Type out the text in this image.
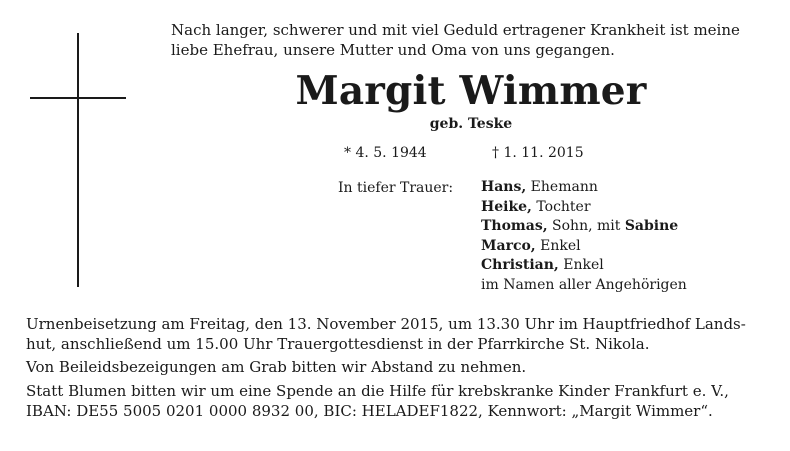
Nach langer, schwerer und mit viel Geduld ertragener Krankheit ist meine liebe Ehefrau, unsere Mutter und Oma von uns gegangen.
Margit Wimmer
geb. Teske
* 4. 5. 1944	† 1. 11. 2015
In tiefer Trauer: Hans, Ehemann
Heike, Tochter
Thomas, Sohn, mit Sabine
Marco, Enkel
Christian, Enkel
im Namen aller Angehörigen
Urnenbeisetzung am Freitag, den 13. November 2015, um 13.30 Uhr im Hauptfriedhof Lands-
hut, anschließend um 15.00 Uhr Trauergottesdienst in der Pfarrkirche St. Nikola.
Von Beileidsbezeigungen am Grab bitten wir Abstand zu nehmen.
Statt Blumen bitten wir um eine Spende an die Hilfe für krebskranke Kinder Frankfurt e. V.,
IBAN: DE55 5005 0201 0000 8932 00, BIC: HELADEF1822, Kennwort: „Margit Wimmer“.
